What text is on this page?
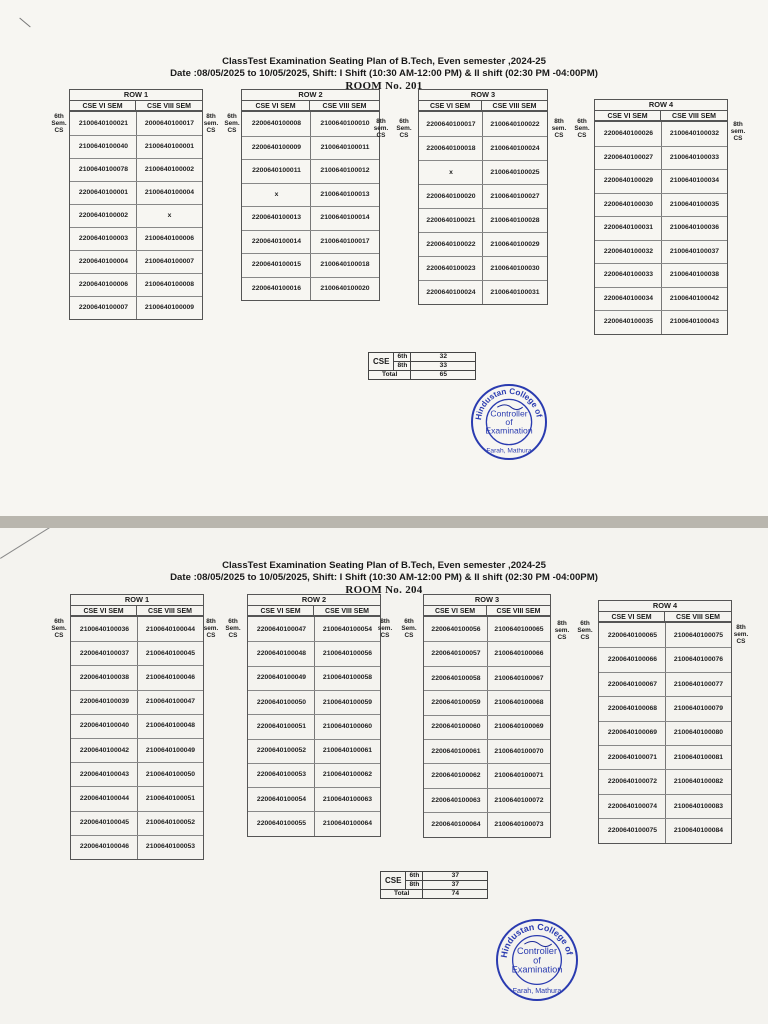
ClassTest Examination Seating Plan of B.Tech, Even semester ,2024-25
Date :08/05/2025 to 10/05/2025, Shift: I Shift (10:30 AM-12:00 PM) & II shift (02:30 PM -04:00PM)
ROOM No. 201
ROW 1
CSE VI SEM	CSE VIII SEM
2100640100021	2000640100017
2100640100040	2100640100001
2100640100078	2100640100002
2200640100001	2100640100004
2200640100002	x
2200640100003	2100640100006
2200640100004	2100640100007
2200640100006	2100640100008
2200640100007	2100640100009
ROW 2
CSE VI SEM	CSE VIII SEM
2200640100008	2100640100010
2200640100009	2100640100011
2200640100011	2100640100012
x	2100640100013
2200640100013	2100640100014
2200640100014	2100640100017
2200640100015	2100640100018
2200640100016	2100640100020
ROW 3
CSE VI SEM	CSE VIII SEM
2200640100017	2100640100022
2200640100018	2100640100024
x	2100640100025
2200640100020	2100640100027
2200640100021	2100640100028
2200640100022	2100640100029
2200640100023	2100640100030
2200640100024	2100640100031
ROW 4
CSE VI SEM	CSE VIII SEM
2200640100026	2100640100032
2200640100027	2100640100033
2200640100029	2100640100034
2200640100030	2100640100035
2200640100031	2100640100036
2200640100032	2100640100037
2200640100033	2100640100038
2200640100034	2100640100042
2200640100035	2100640100043
6th
Sem.
CS
8th
sem.
CS
6th
Sem.
CS
8th
sem.
CS
6th
Sem.
CS
8th
sem.
CS
6th
Sem.
CS
8th
sem.
CS
CSE	6th	32
	8th	33
Total		65
Hindustan College of
Controller
of
Examination
Farah, Mathura
ClassTest Examination Seating Plan of B.Tech, Even semester ,2024-25
Date :08/05/2025 to 10/05/2025, Shift: I Shift (10:30 AM-12:00 PM) & II shift (02:30 PM -04:00PM)
ROOM No. 204
ROW 1
CSE VI SEM	CSE VIII SEM
2100640100036	2100640100044
2200640100037	2100640100045
2200640100038	2100640100046
2200640100039	2100640100047
2200640100040	2100640100048
2200640100042	2100640100049
2200640100043	2100640100050
2200640100044	2100640100051
2200640100045	2100640100052
2200640100046	2100640100053
ROW 2
CSE VI SEM	CSE VIII SEM
2200640100047	2100640100054
2200640100048	2100640100056
2200640100049	2100640100058
2200640100050	2100640100059
2200640100051	2100640100060
2200640100052	2100640100061
2200640100053	2100640100062
2200640100054	2100640100063
2200640100055	2100640100064
ROW 3
CSE VI SEM	CSE VIII SEM
2200640100056	2100640100065
2200640100057	2100640100066
2200640100058	2100640100067
2200640100059	2100640100068
2200640100060	2100640100069
2200640100061	2100640100070
2200640100062	2100640100071
2200640100063	2100640100072
2200640100064	2100640100073
ROW 4
CSE VI SEM	CSE VIII SEM
2200640100065	2100640100075
2200640100066	2100640100076
2200640100067	2100640100077
2200640100068	2100640100079
2200640100069	2100640100080
2200640100071	2100640100081
2200640100072	2100640100082
2200640100074	2100640100083
2200640100075	2100640100084
6th
Sem.
CS
8th
sem.
CS
6th
Sem.
CS
8th
sem.
CS
6th
Sem.
CS
8th
sem.
CS
6th
Sem.
CS
8th
sem.
CS
CSE	6th	37
	8th	37
Total		74
Hindustan College of
Controller
of
Examination
Farah, Mathura
